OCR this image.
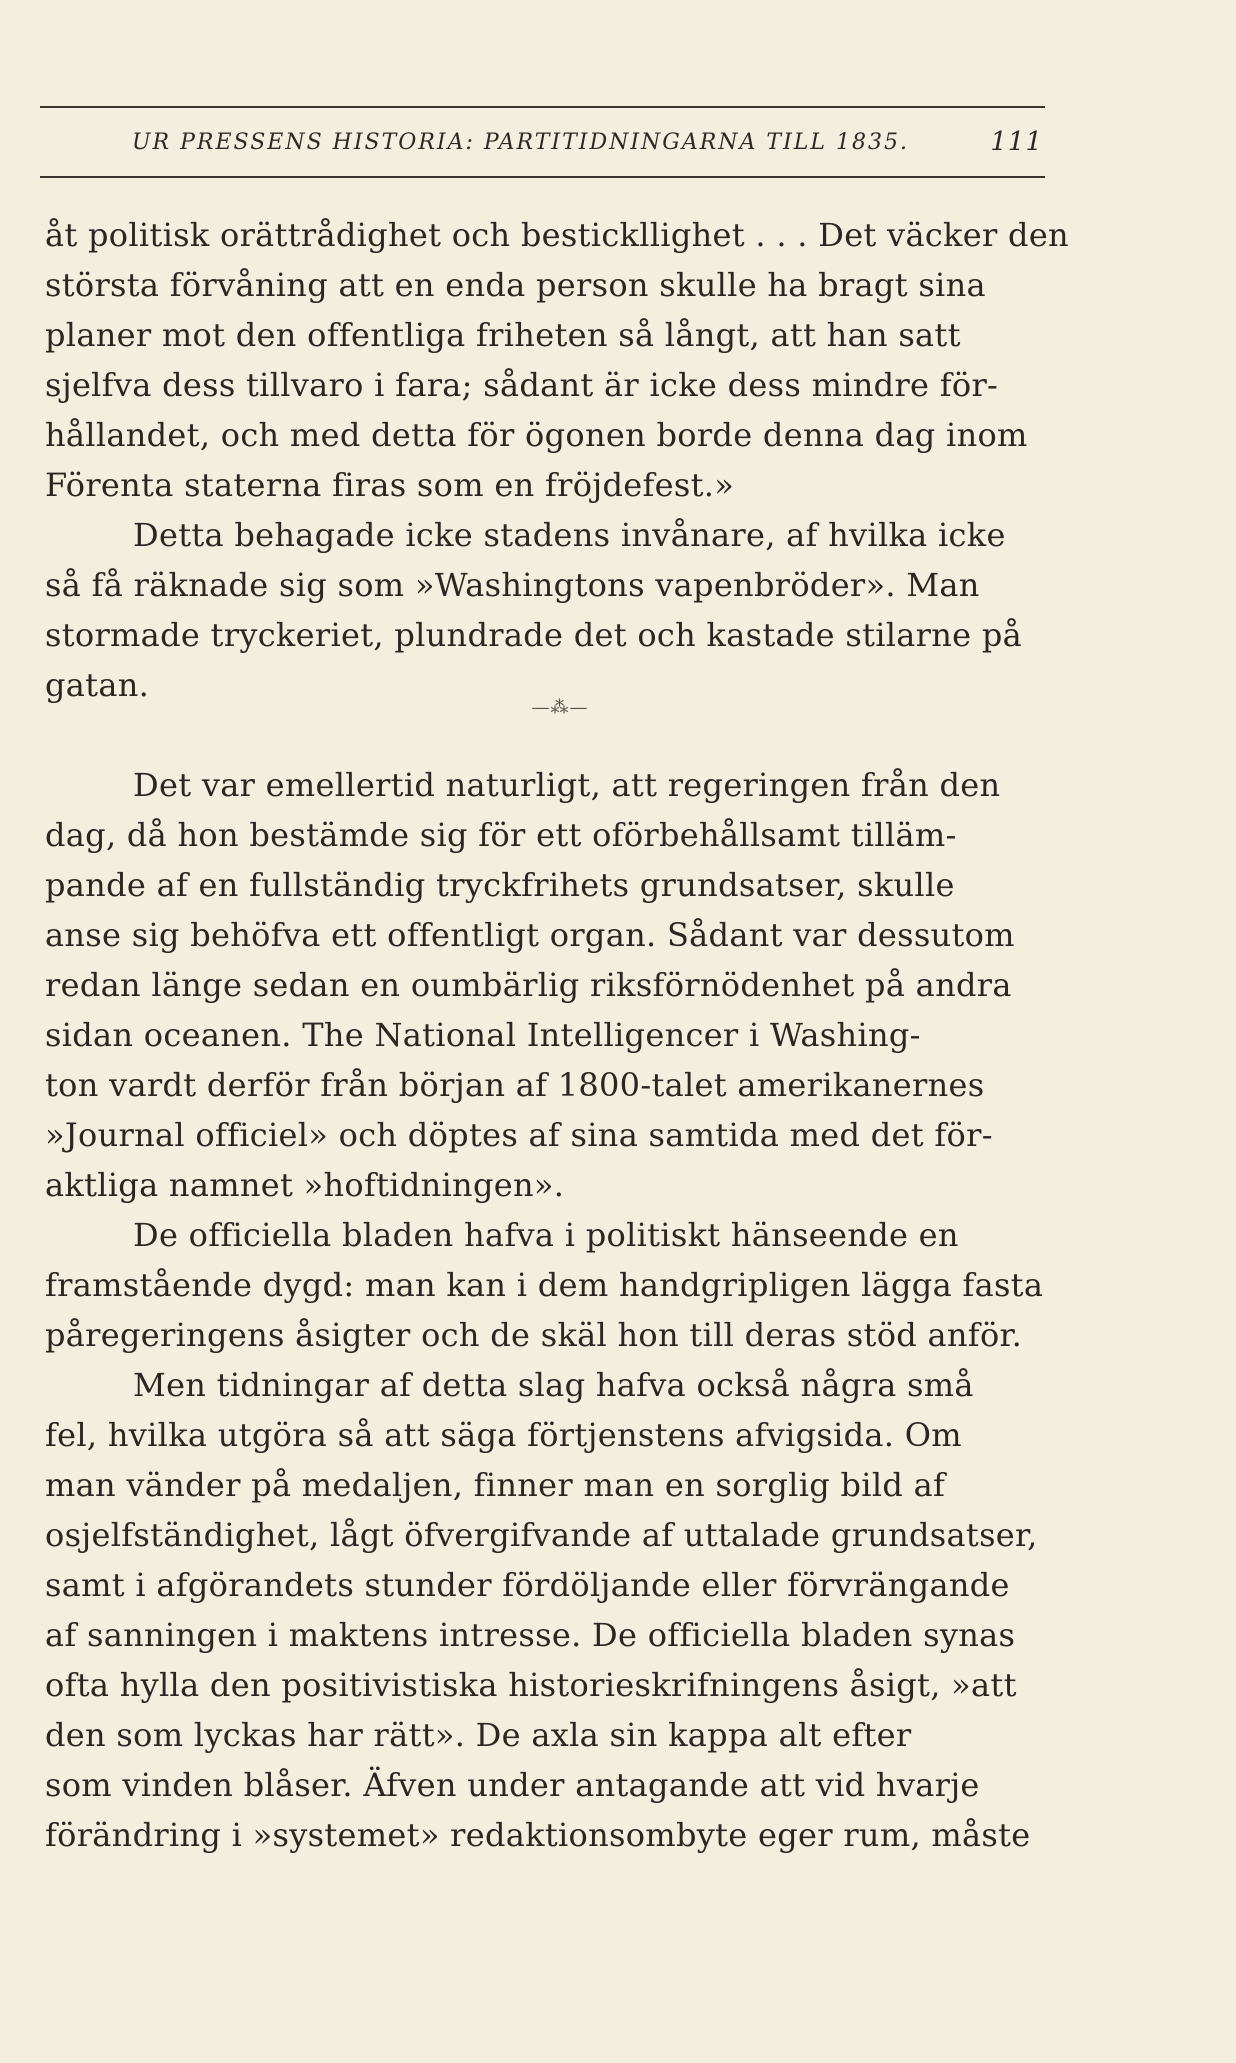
UR PRESSENS HISTORIA: PARTITIDNINGARNA TILL 1835.	111
åt politisk orättrådighet och bestickllighet . . . Det väcker den
största förvåning att en enda person skulle ha bragt sina
planer mot den offentliga friheten så långt, att han satt
sjelfva dess tillvaro i fara; sådant är icke dess mindre för-
hållandet, och med detta för ögonen borde denna dag inom
Förenta staterna firas som en fröjdefest.»
Detta behagade icke stadens invånare, af hvilka icke
så få räknade sig som »Washingtons vapenbröder». Man
stormade tryckeriet, plundrade det och kastade stilarne på
gatan.
—⁂—
Det var emellertid naturligt, att regeringen från den
dag, då hon bestämde sig för ett oförbehållsamt tilläm-
pande af en fullständig tryckfrihets grundsatser, skulle
anse sig behöfva ett offentligt organ. Sådant var dessutom
redan länge sedan en oumbärlig riksförnödenhet på andra
sidan oceanen. The National Intelligencer i Washing-
ton vardt derför från början af 1800-talet amerikanernes
»Journal officiel» och döptes af sina samtida med det för-
aktliga namnet »hoftidningen».
De officiella bladen hafva i politiskt hänseende en
framstående dygd: man kan i dem handgripligen lägga fasta
påregeringens åsigter och de skäl hon till deras stöd anför.
Men tidningar af detta slag hafva också några små
fel, hvilka utgöra så att säga förtjenstens afvigsida. Om
man vänder på medaljen, finner man en sorglig bild af
osjelfständighet, lågt öfvergifvande af uttalade grundsatser,
samt i afgörandets stunder fördöljande eller förvrängande
af sanningen i maktens intresse. De officiella bladen synas
ofta hylla den positivistiska historieskrifningens åsigt, »att
den som lyckas har rätt». De axla sin kappa alt efter
som vinden blåser. Äfven under antagande att vid hvarje
förändring i »systemet» redaktionsombyte eger rum, måste
